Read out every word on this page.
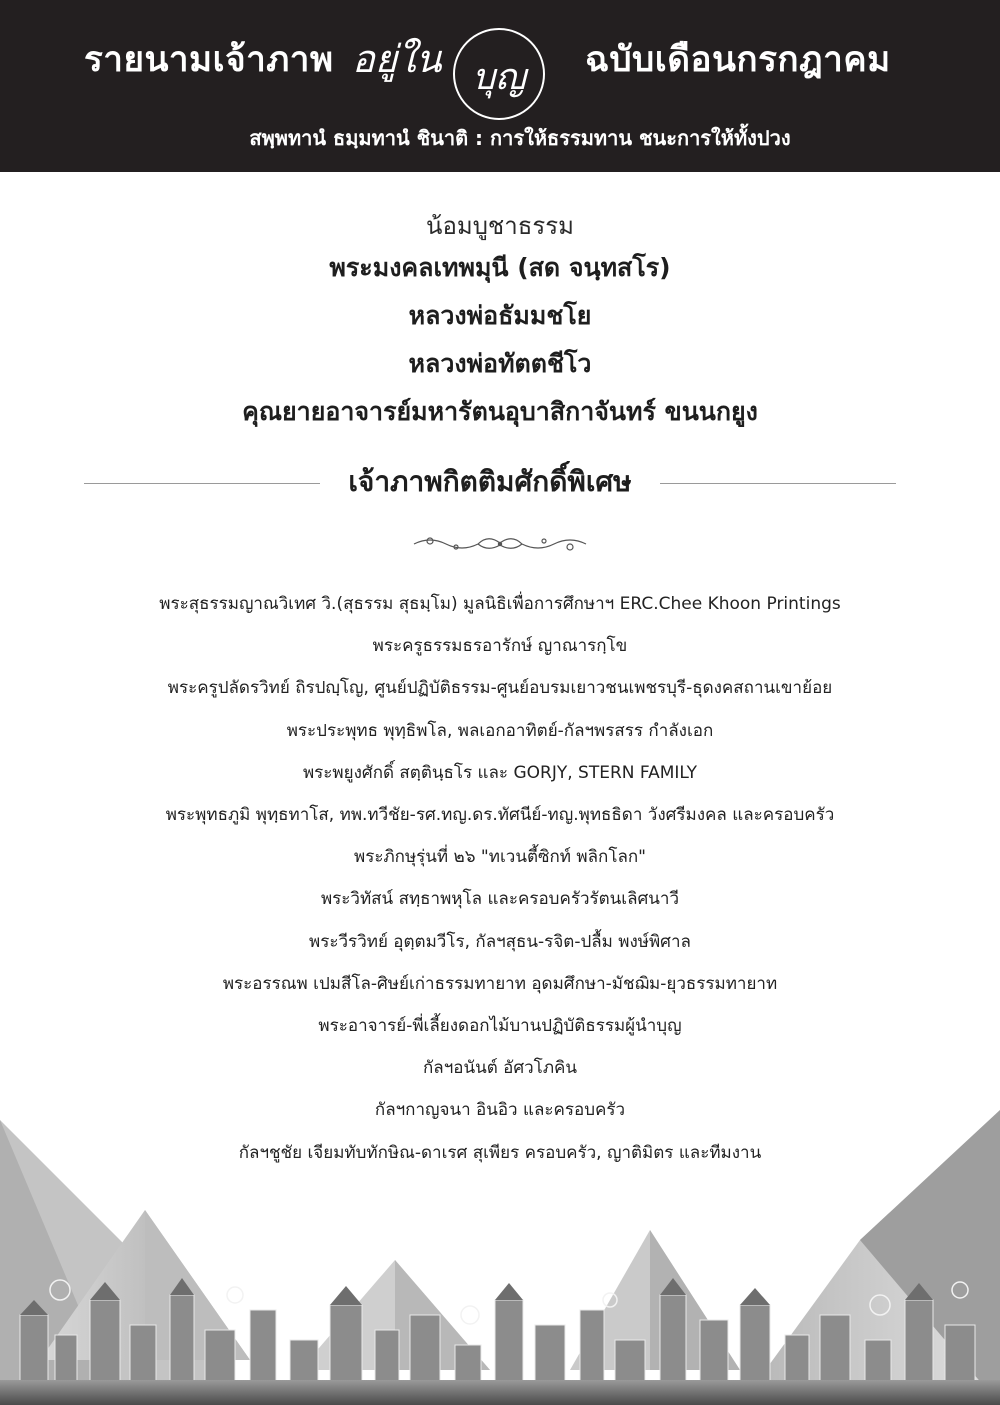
รายนามเจ้าภาพ อยู่ใน บุญ	ฉบับเดือนกรกฎาคม
สพฺพทานํ ธมฺมทานํ ชินาติ : การให้ธรรมทาน ชนะการให้ทั้งปวง
น้อมบูชาธรรม
พระมงคลเทพมุนี (สด จนฺทสโร)
หลวงพ่อธัมมชโย
หลวงพ่อทัตตชีโว
คุณยายอาจารย์มหารัตนอุบาสิกาจันทร์ ขนนกยูง
เจ้าภาพกิตติมศักดิ์พิเศษ
พระสุธรรมญาณวิเทศ วิ.(สุธรรม สุธมฺโม) มูลนิธิเพื่อการศึกษาฯ ERC.Chee Khoon Printings
พระครูธรรมธรอารักษ์ ญาณารกฺโข
พระครูปลัดรวิทย์ ถิรปญฺโญ, ศูนย์ปฏิบัติธรรม-ศูนย์อบรมเยาวชนเพชรบุรี-ธุดงคสถานเขาย้อย
พระประพุทธ พุทฺธิพโล, พลเอกอาทิตย์-กัลฯพรสรร กำลังเอก
พระพยูงศักดิ์ สตฺตินฺธโร และ GORJY, STERN FAMILY
พระพุทธภูมิ พุทฺธทาโส, ทพ.ทวีชัย-รศ.ทญ.ดร.ทัศนีย์-ทญ.พุทธธิดา วังศรีมงคล และครอบครัว
พระภิกษุรุ่นที่ ๒๖ "ทเวนตี้ซิกท์ พลิกโลก"
พระวิทัสน์ สทฺธาพหุโล และครอบครัวรัตนเลิศนาวี
พระวีรวิทย์ อุตฺตมวีโร, กัลฯสุธน-รจิต-ปลื้ม พงษ์พิศาล
พระอรรณพ เปมสีโล-ศิษย์เก่าธรรมทายาท อุดมศึกษา-มัชฌิม-ยุวธรรมทายาท
พระอาจารย์-พี่เลี้ยงดอกไม้บานปฏิบัติธรรมผู้นำบุญ
กัลฯอนันต์ อัศวโภคิน
กัลฯกาญจนา อินอิว และครอบครัว
กัลฯชูชัย เจียมทับทักษิณ-ดาเรศ สุเพียร ครอบครัว, ญาติมิตร และทีมงาน
